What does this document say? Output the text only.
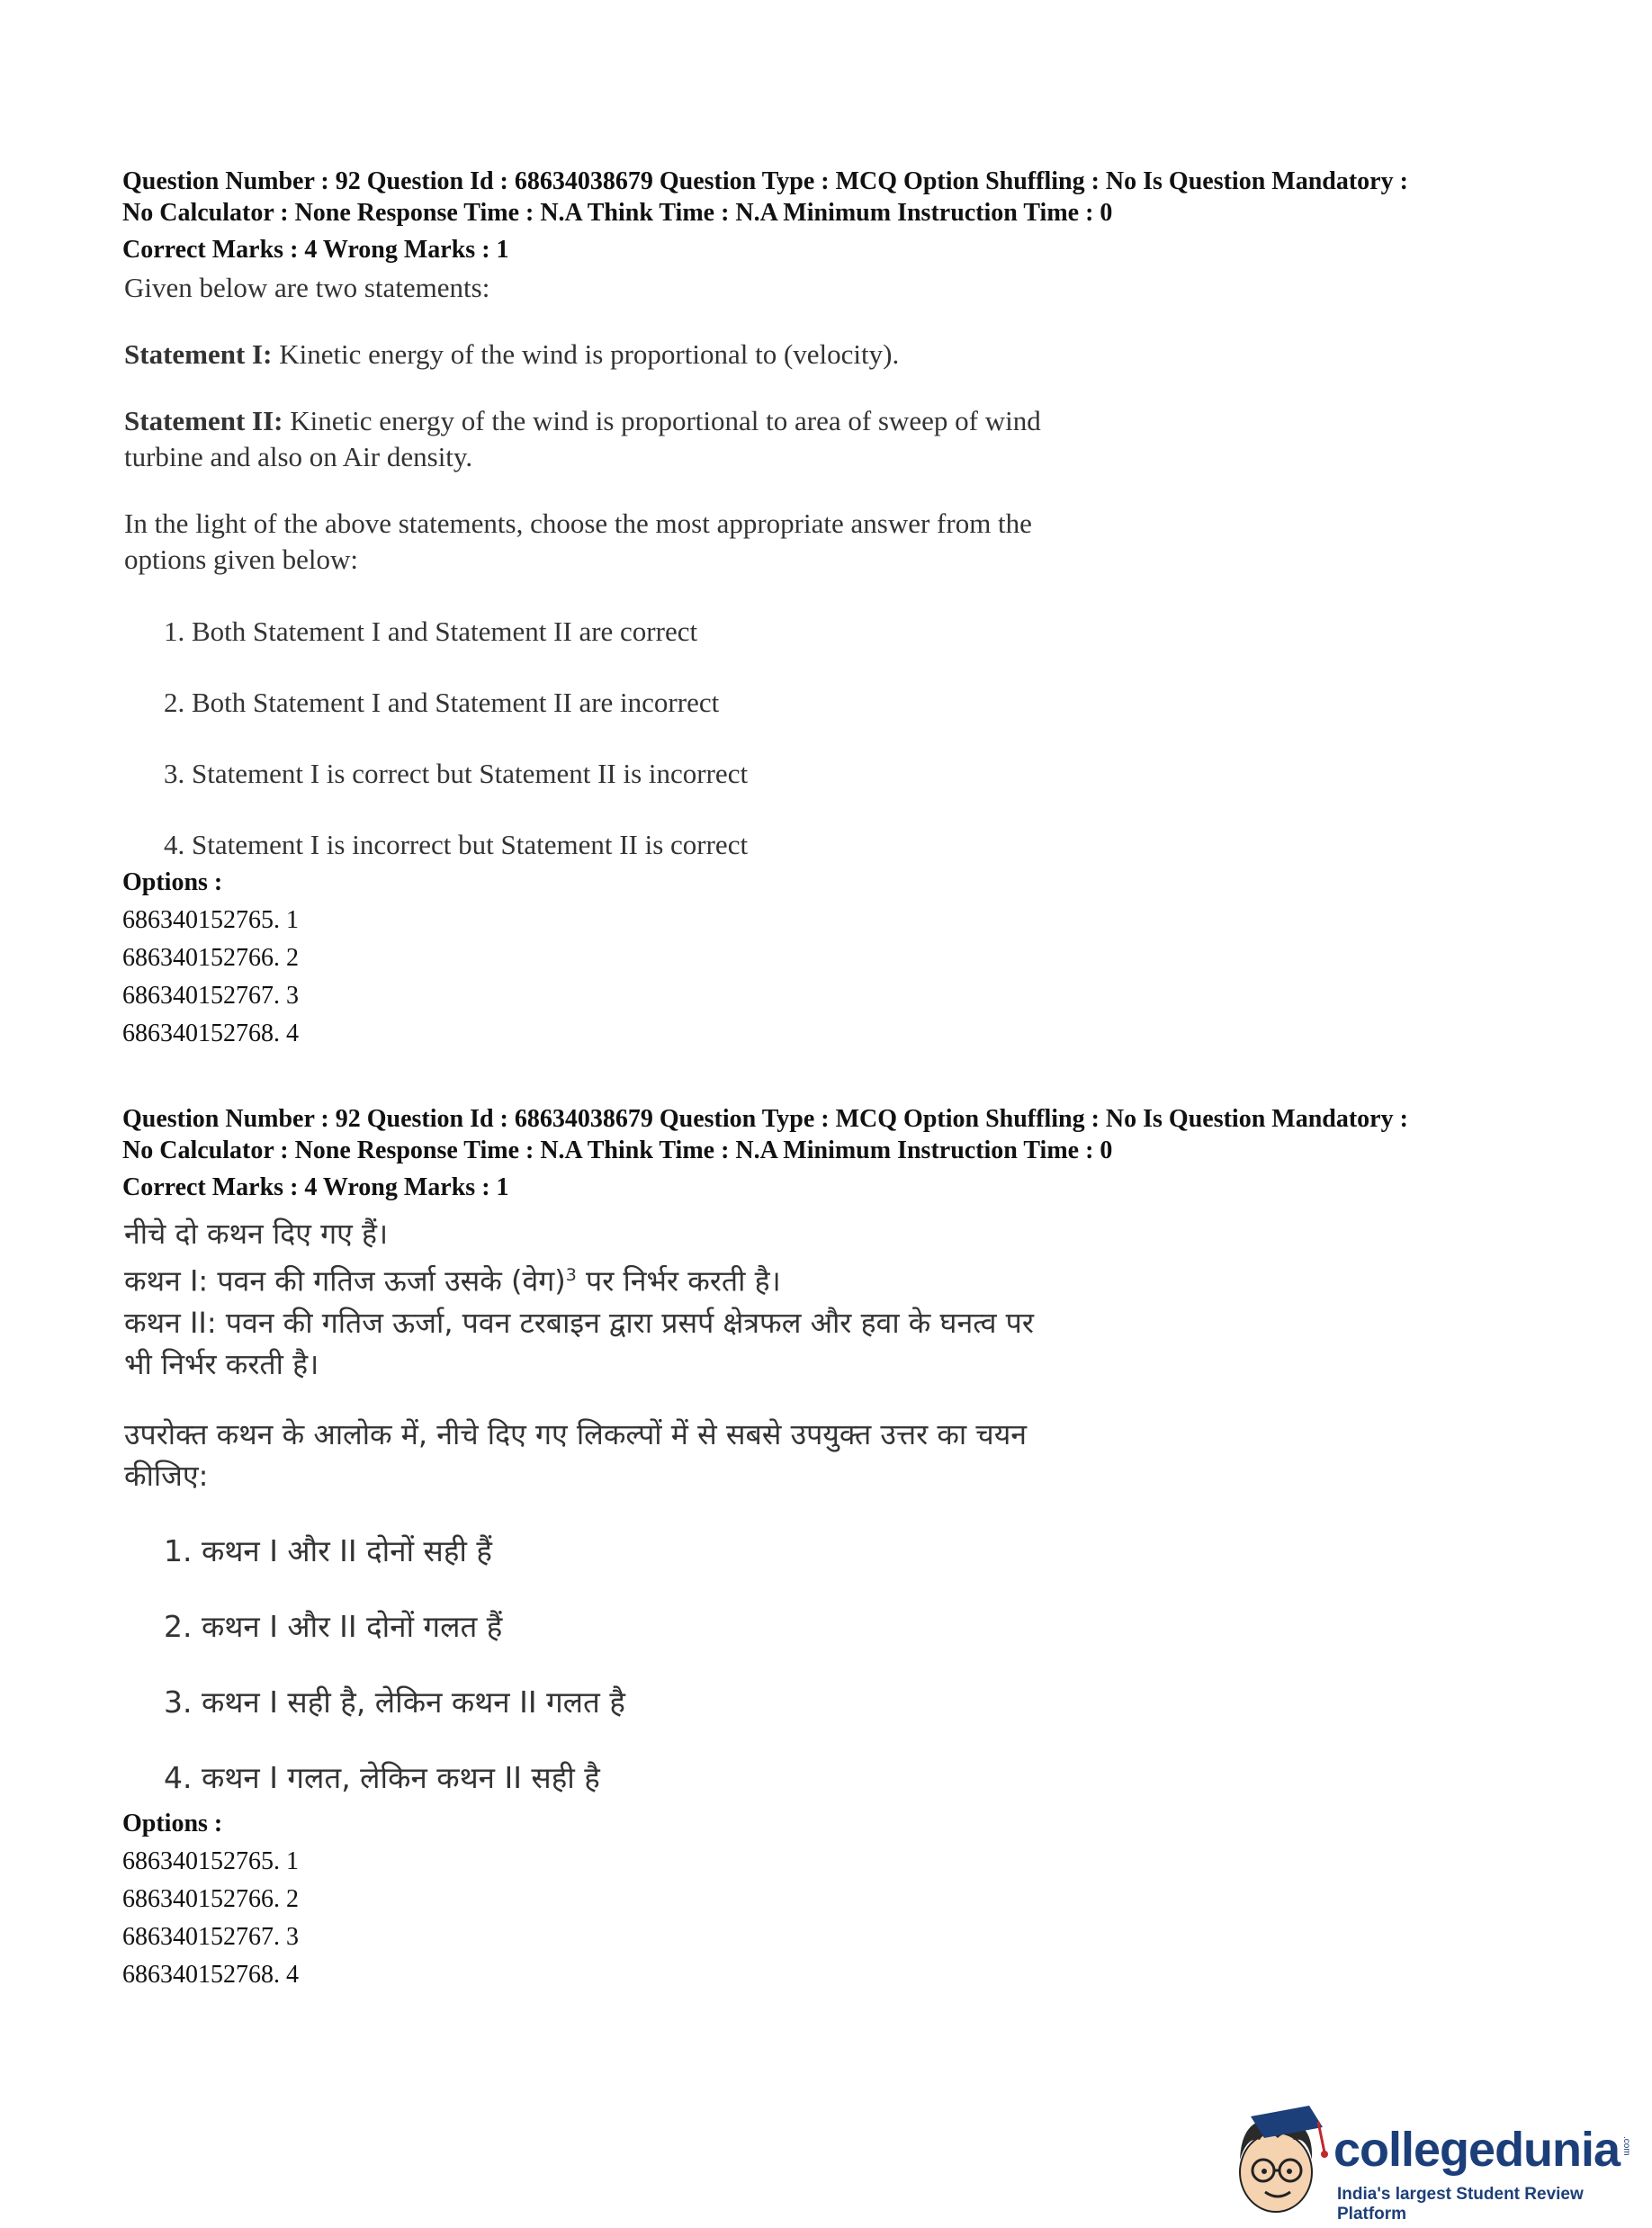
Question Number : 92 Question Id : 68634038679 Question Type : MCQ Option Shuffling : No Is Question Mandatory :
No Calculator : None Response Time : N.A Think Time : N.A Minimum Instruction Time : 0
Correct Marks : 4 Wrong Marks : 1

Given below are two statements:

Statement I: Kinetic energy of the wind is proportional to (velocity).

Statement II: Kinetic energy of the wind is proportional to area of sweep of wind

turbine and also on Air density.

In the light of the above statements, choose the most appropriate answer from the

options given below:

1. Both Statement I and Statement II are correct
2. Both Statement I and Statement II are incorrect
3. Statement I is correct but Statement II is incorrect
4. Statement I is incorrect but Statement II is correct
Options :
686340152765. 1
686340152766. 2
686340152767. 3
686340152768. 4
Question Number : 92 Question Id : 68634038679 Question Type : MCQ Option Shuffling : No Is Question Mandatory :
No Calculator : None Response Time : N.A Think Time : N.A Minimum Instruction Time : 0
Correct Marks : 4 Wrong Marks : 1

नीचे दो कथन दिए गए हैं।

कथन I: पवन की गतिज ऊर्जा उसके (वेग)$^3$ पर निर्भर करती है।

कथन II: पवन की गतिज ऊर्जा, पवन टरबाइन द्वारा प्रसर्प क्षेत्रफल और हवा के घनत्व पर

भी निर्भर करती है।

उपरोक्त कथन के आलोक में, नीचे दिए गए लिकल्पों में से सबसे उपयुक्त उत्तर का चयन

कीजिए:

1. कथन I और II दोनों सही हैं
2. कथन I और II दोनों गलत हैं
3. कथन I सही है, लेकिन कथन II गलत है
4. कथन I गलत, लेकिन कथन II सही है
Options :
686340152765. 1
686340152766. 2
686340152767. 3
686340152768. 4
collegedunia .com
India's largest Student Review Platform
